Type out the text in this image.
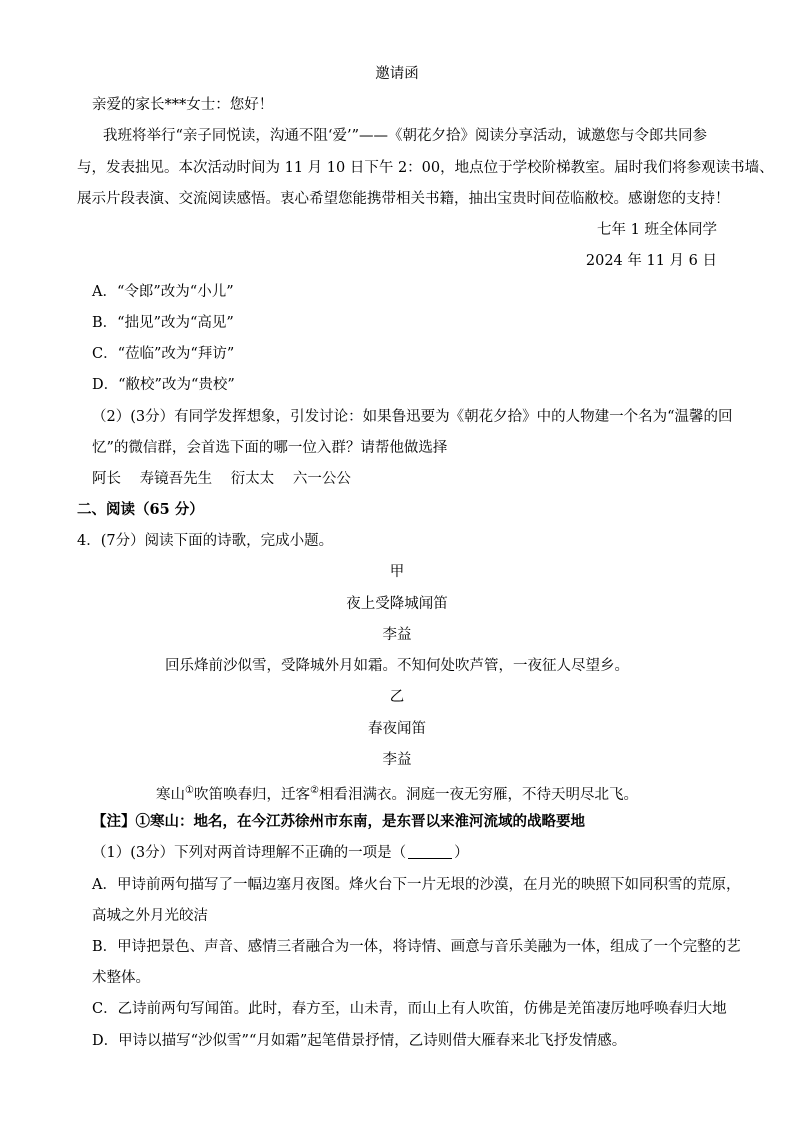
邀请函
亲爱的家长***女士：您好！
我班将举行“亲子同悦读，沟通不阻‘爱’”——《朝花夕拾》阅读分享活动，诚邀您与令郎共同参
与，发表拙见。本次活动时间为 11 月 10 日下午 2：00，地点位于学校阶梯教室。届时我们将参观读书墙、
展示片段表演、交流阅读感悟。衷心希望您能携带相关书籍，抽出宝贵时间莅临敝校。感谢您的支持！
七年 1 班全体同学
2024 年 11 月 6 日
A．“令郎”改为“小儿”
B．“拙见”改为“高见”
C．“莅临”改为“拜访”
D．“敝校”改为“贵校”
（2）(3分）有同学发挥想象，引发讨论：如果鲁迅要为《朝花夕拾》中的人物建一个名为“温馨的回
忆”的微信群，会首选下面的哪一位入群？请帮他做选择
阿长 寿镜吾先生 衍太太 六一公公
二、阅读（65 分）
4．(7分）阅读下面的诗歌，完成小题。
甲
夜上受降城闻笛
李益
回乐烽前沙似雪，受降城外月如霜。不知何处吹芦管，一夜征人尽望乡。
乙
春夜闻笛
李益
寒山①吹笛唤春归，迁客②相看泪满衣。洞庭一夜无穷雁，不待天明尽北飞。
【注】①寒山：地名，在今江苏徐州市东南，是东晋以来淮河流域的战略要地
（1）(3分）下列对两首诗理解不正确的一项是（	）
A．甲诗前两句描写了一幅边塞月夜图。烽火台下一片无垠的沙漠，在月光的映照下如同积雪的荒原，
高城之外月光皎洁
B．甲诗把景色、声音、感情三者融合为一体，将诗情、画意与音乐美融为一体，组成了一个完整的艺
术整体。
C．乙诗前两句写闻笛。此时，春方至，山未青，而山上有人吹笛，仿佛是羌笛凄厉地呼唤春归大地
D．甲诗以描写“沙似雪”“月如霜”起笔借景抒情，乙诗则借大雁春来北飞抒发情感。
